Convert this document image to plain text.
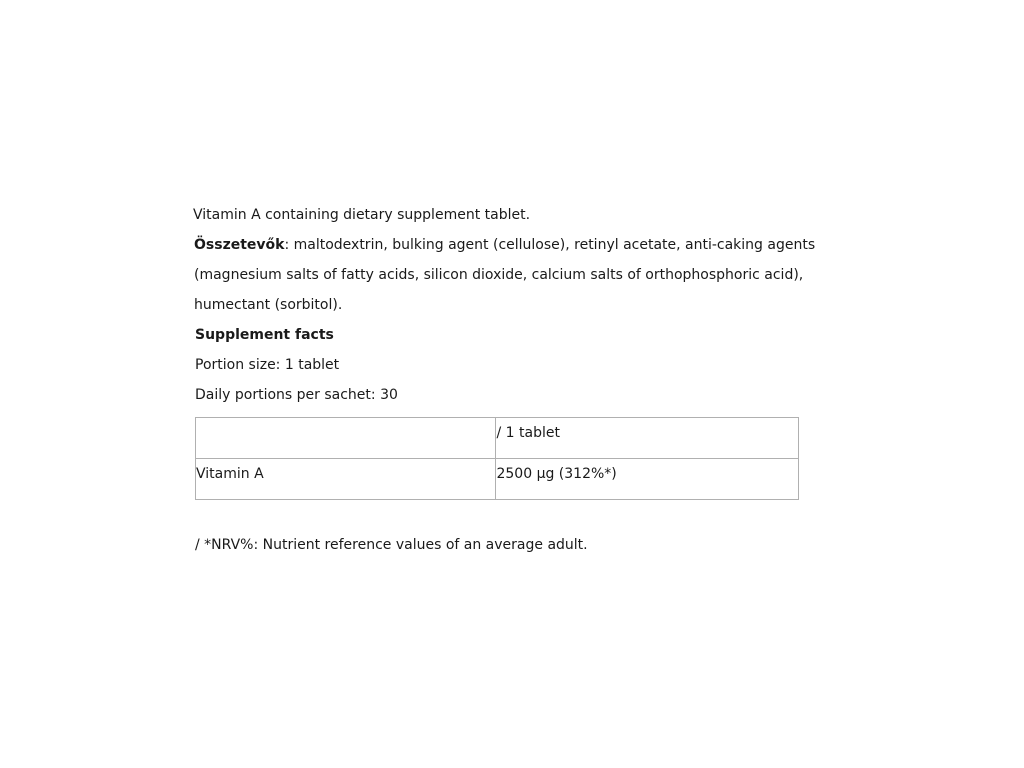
Vitamin A containing dietary supplement tablet.
Összetevők: maltodextrin, bulking agent (cellulose), retinyl acetate, anti-caking agents
(magnesium salts of fatty acids, silicon dioxide, calcium salts of orthophosphoric acid),
humectant (sorbitol).
Supplement facts
Portion size: 1 tablet
Daily portions per sachet: 30
	/ 1 tablet
Vitamin A	2500 µg (312%*)
/ *NRV%: Nutrient reference values of an average adult.
